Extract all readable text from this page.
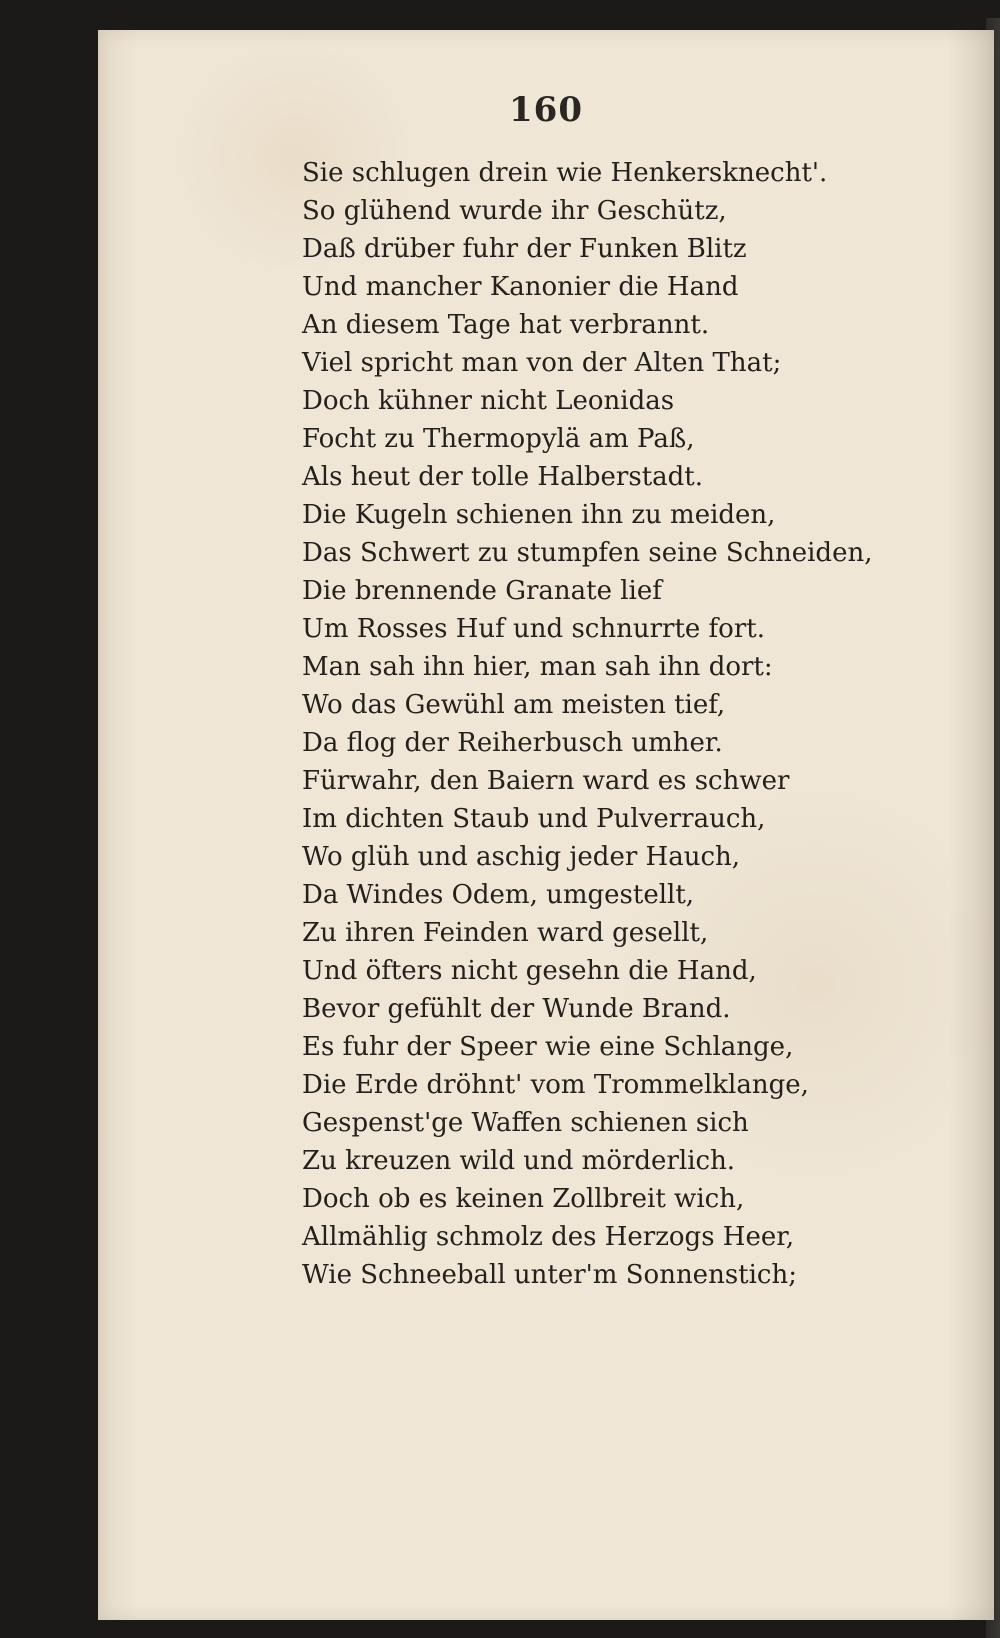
160
Sie schlugen drein wie Henkersknecht'.
So glühend wurde ihr Geschütz,
Daß drüber fuhr der Funken Blitz
Und mancher Kanonier die Hand
An diesem Tage hat verbrannt.
Viel spricht man von der Alten That;
Doch kühner nicht Leonidas
Focht zu Thermopylä am Paß,
Als heut der tolle Halberstadt.
Die Kugeln schienen ihn zu meiden,
Das Schwert zu stumpfen seine Schneiden,
Die brennende Granate lief
Um Rosses Huf und schnurrte fort.
Man sah ihn hier, man sah ihn dort:
Wo das Gewühl am meisten tief,
Da flog der Reiherbusch umher.
Fürwahr, den Baiern ward es schwer
Im dichten Staub und Pulverrauch,
Wo glüh und aschig jeder Hauch,
Da Windes Odem, umgestellt,
Zu ihren Feinden ward gesellt,
Und öfters nicht gesehn die Hand,
Bevor gefühlt der Wunde Brand.
Es fuhr der Speer wie eine Schlange,
Die Erde dröhnt' vom Trommelklange,
Gespenst'ge Waffen schienen sich
Zu kreuzen wild und mörderlich.
Doch ob es keinen Zollbreit wich,
Allmählig schmolz des Herzogs Heer,
Wie Schneeball unter'm Sonnenstich;
